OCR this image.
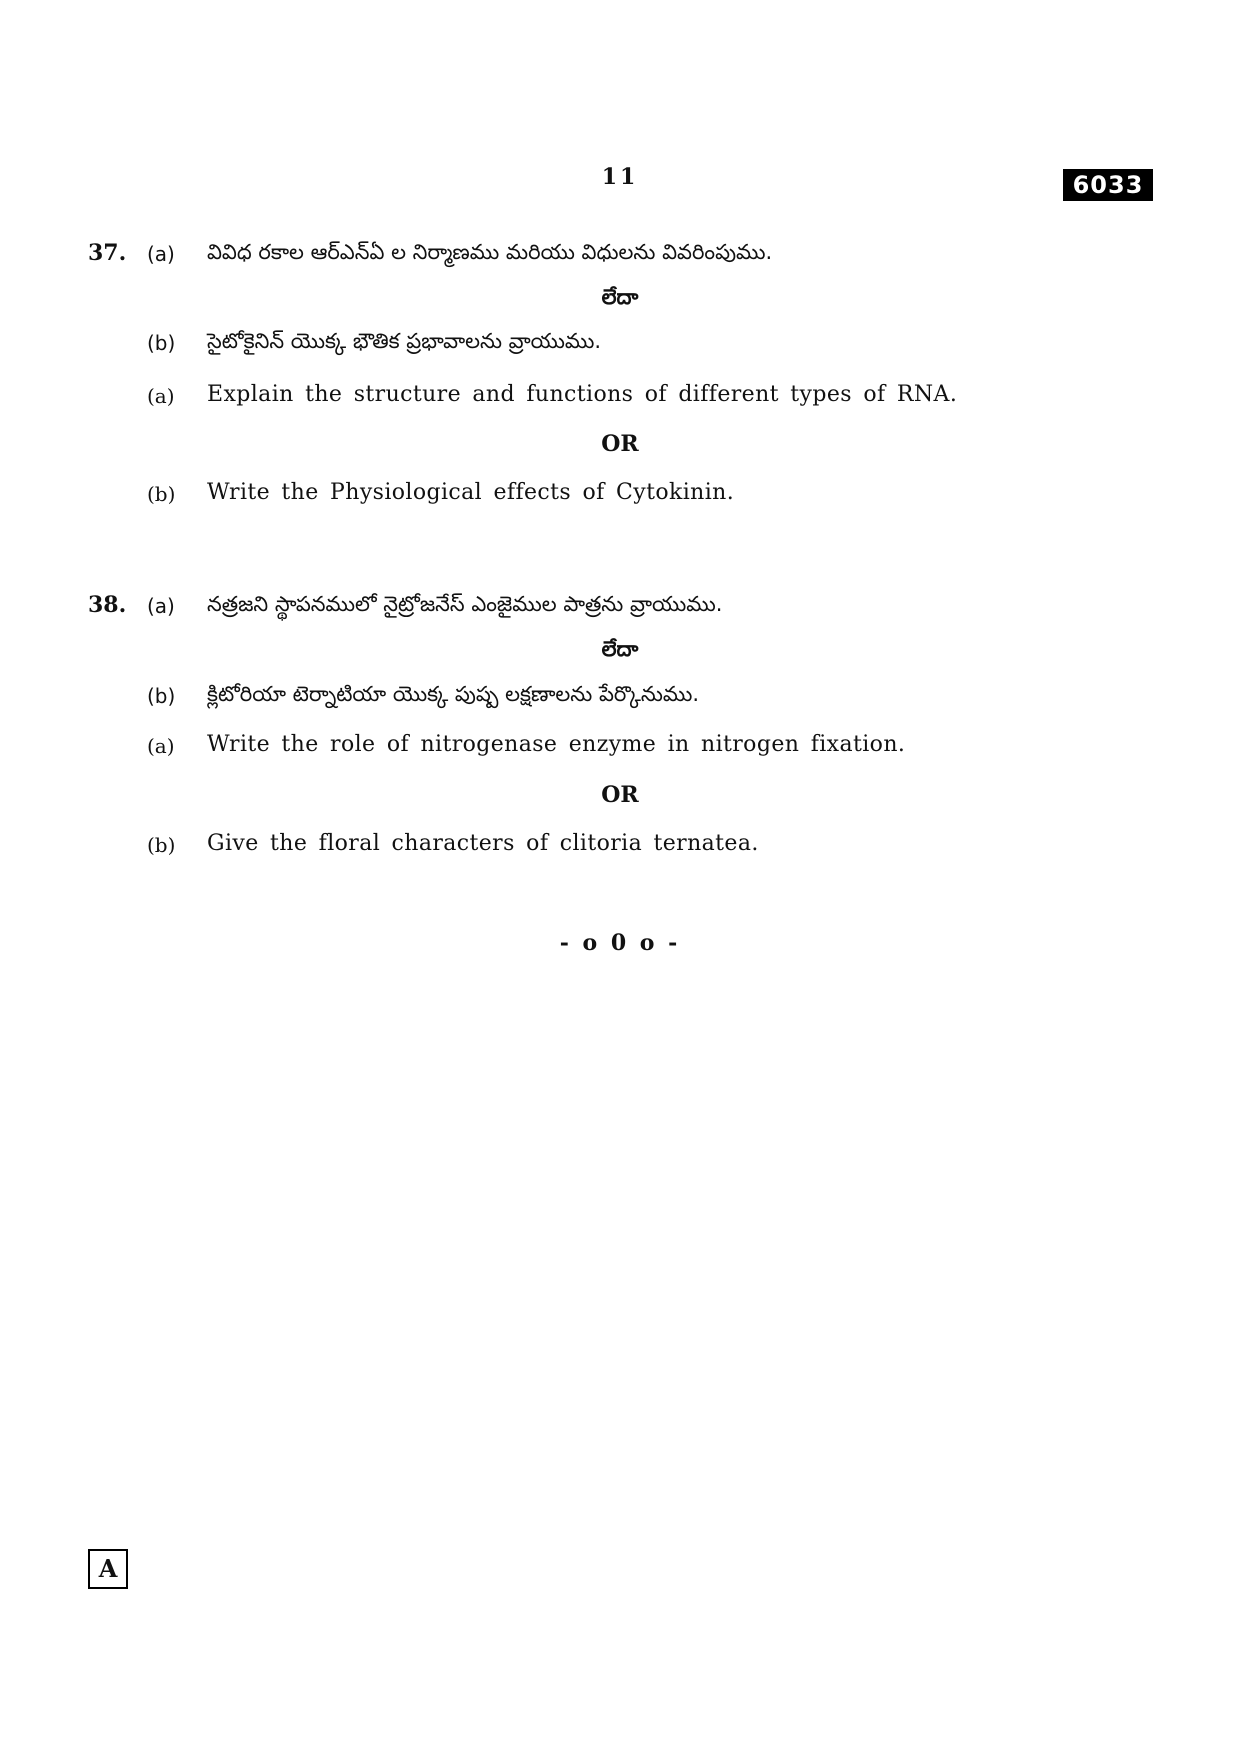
11	6033
37. (a) వివిధ రకాల ఆర్ఎన్ఏ ల నిర్మాణము మరియు విధులను వివరింపుము.
లేదా
(b) సైటోకైనిన్ యొక్క భౌతిక ప్రభావాలను వ్రాయుము.
(a) Explain the structure and functions of different types of RNA.
OR
(b) Write the Physiological effects of Cytokinin.
38. (a) నత్రజని స్థాపనములో నైట్రోజనేస్ ఎంజైముల పాత్రను వ్రాయుము.
లేదా
(b) క్లిటోరియా టెర్నాటియా యొక్క పుష్ప లక్షణాలను పేర్కొనుము.
(a) Write the role of nitrogenase enzyme in nitrogen fixation.
OR
(b) Give the floral characters of clitoria ternatea.
- o 0 o -
A
